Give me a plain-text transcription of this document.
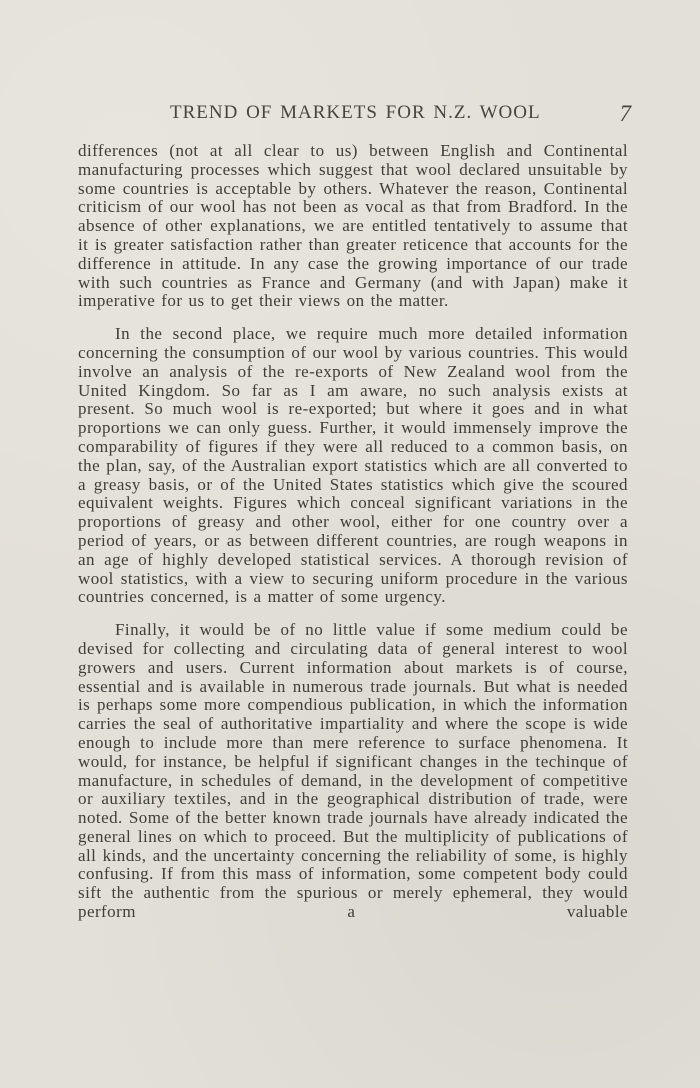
TREND OF MARKETS FOR N.Z. WOOL	7

differences (not at all clear to us) between English and Continental manufacturing processes which suggest that wool declared unsuitable by some countries is acceptable by others. Whatever the reason, Continental criticism of our wool has not been as vocal as that from Bradford. In the absence of other explanations, we are entitled tentatively to assume that it is greater satisfaction rather than greater reticence that accounts for the difference in attitude. In any case the growing importance of our trade with such countries as France and Germany (and with Japan) make it imperative for us to get their views on the matter.

In the second place, we require much more detailed information concerning the consumption of our wool by various countries. This would involve an analysis of the re-exports of New Zealand wool from the United Kingdom. So far as I am aware, no such analysis exists at present. So much wool is re-exported; but where it goes and in what proportions we can only guess. Further, it would immensely improve the comparability of figures if they were all reduced to a common basis, on the plan, say, of the Australian export statistics which are all converted to a greasy basis, or of the United States statistics which give the scoured equivalent weights. Figures which conceal significant variations in the proportions of greasy and other wool, either for one country over a period of years, or as between different countries, are rough weapons in an age of highly developed statistical services. A thorough revision of wool statistics, with a view to securing uniform procedure in the various countries concerned, is a matter of some urgency.

Finally, it would be of no little value if some medium could be devised for collecting and circulating data of general interest to wool growers and users. Current information about markets is of course, essential and is available in numerous trade journals. But what is needed is perhaps some more compendious publication, in which the information carries the seal of authoritative impartiality and where the scope is wide enough to include more than mere reference to surface phenomena. It would, for instance, be helpful if significant changes in the techinque of manufacture, in schedules of demand, in the development of competitive or auxiliary textiles, and in the geographical distribution of trade, were noted. Some of the better known trade journals have already indicated the general lines on which to proceed. But the multiplicity of publications of all kinds, and the uncertainty concerning the reliability of some, is highly confusing. If from this mass of information, some competent body could sift the authentic from the spurious or merely ephemeral, they would perform a valuable
